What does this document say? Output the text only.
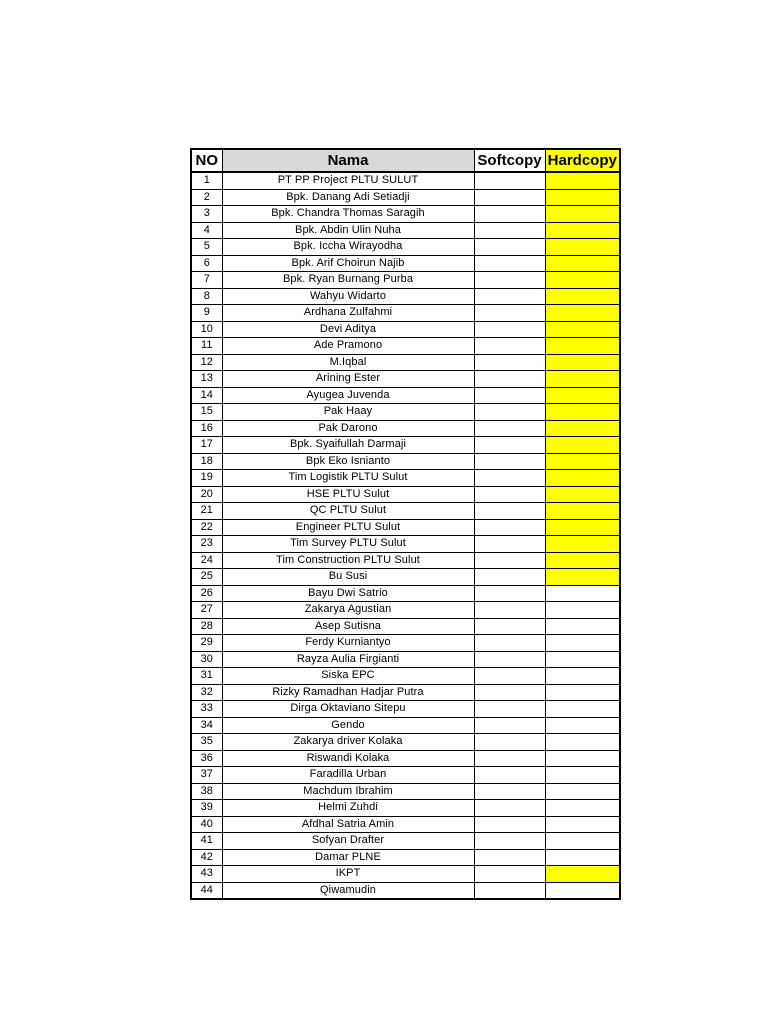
NO	Nama	Softcopy	Hardcopy
1	PT PP Project PLTU SULUT		
2	Bpk. Danang Adi Setiadji		
3	Bpk. Chandra Thomas Saragih		
4	Bpk. Abdin Ulin Nuha		
5	Bpk. Iccha Wirayodha		
6	Bpk. Arif Choirun Najib		
7	Bpk. Ryan Burnang Purba		
8	Wahyu Widarto		
9	Ardhana Zulfahmi		
10	Devi Aditya		
11	Ade Pramono		
12	M.Iqbal		
13	Arining Ester		
14	Ayugea Juvenda		
15	Pak Haay		
16	Pak Darono		
17	Bpk. Syaifullah Darmaji		
18	Bpk Eko Isnianto		
19	Tim Logistik PLTU Sulut		
20	HSE PLTU Sulut		
21	QC PLTU Sulut		
22	Engineer PLTU Sulut		
23	Tim Survey PLTU Sulut		
24	Tim Construction PLTU Sulut		
25	Bu Susi		
26	Bayu Dwi Satrio		
27	Zakarya Agustian		
28	Asep Sutisna		
29	Ferdy Kurniantyo		
30	Rayza Aulia Firgianti		
31	Siska EPC		
32	Rizky Ramadhan Hadjar Putra		
33	Dirga Oktaviano Sitepu		
34	Gendo		
35	Zakarya driver Kolaka		
36	Riswandi Kolaka		
37	Faradilla Urban		
38	Machdum Ibrahim		
39	Helmi Zuhdi		
40	Afdhal Satria Amin		
41	Sofyan Drafter		
42	Damar PLNE		
43	IKPT		
44	Qiwamudin		
